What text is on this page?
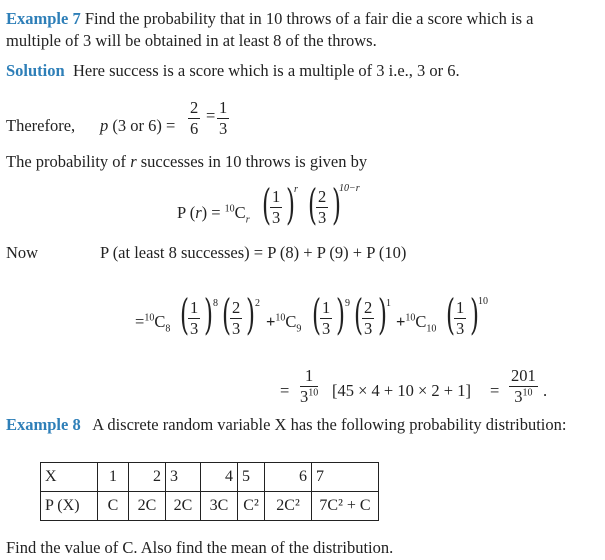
Example 7 Find the probability that in 10 throws of a fair die a score which is a
multiple of 3 will be obtained in at least 8 of the throws.
Solution Here success is a score which is a multiple of 3 i.e., 3 or 6.
Therefore, p (3 or $6) = \frac{2}{6} = \frac{1}{3}$
The probability of r successes in 10 throws is given by
P $(r) = ^{10}C_r$ (
$\frac{1}{3}$ )
r (
$\frac{2}{3}$ )
10−r
Now	P (at least 8 successes) = P (8) + P (9) + P (10)
$=^{10}C_8$ (
$\frac{1}{3}$ ) 8 (
$\frac{2}{3}$ ) 2
$+^{10}C_9$ (
$\frac{1}{3}$ ) 9 (
$\frac{2}{3}$ )
1
$+^{10}C_{10}$ (
$\frac{1}{3}$ )
10
= $\frac{1}{3^{10}} [45 \times 4 + 10 \times 2 + 1] = \frac{201}{3^{10}}$ .
Example 8 A discrete random variable X has the following probability distribution:
X	1	2	3	4	5	6	7
P (X)	C	2C	2C	3C	C²	2C²	7C² + C
Find the value of C. Also find the mean of the distribution.
